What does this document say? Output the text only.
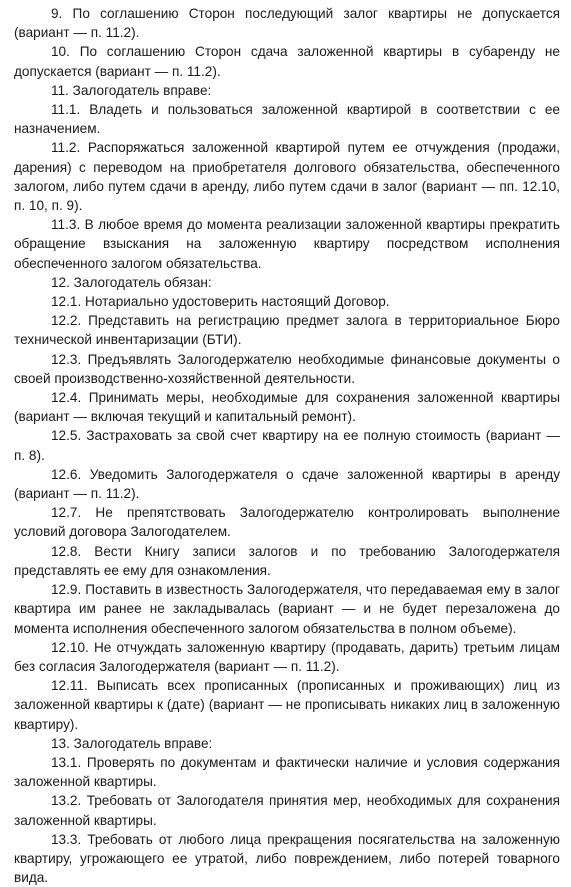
9. По соглашению Сторон последующий залог квартиры не допускается (вариант — п. 11.2).

10. По соглашению Сторон сдача заложенной квартиры в субаренду не допускается (вариант — п. 11.2).

11. Залогодатель вправе:

11.1. Владеть и пользоваться заложенной квартирой в соответствии с ее назначением.

11.2. Распоряжаться заложенной квартирой путем ее отчуждения (продажи, дарения) с переводом на приобретателя долгового обязательства, обеспеченного залогом, либо путем сдачи в аренду, либо путем сдачи в залог (вариант — пп. 12.10, п. 10, п. 9).

11.3. В любое время до момента реализации заложенной квартиры прекратить обращение взыскания на заложенную квартиру посредством исполнения обеспеченного залогом обязательства.

12. Залогодатель обязан:

12.1. Нотариально удостоверить настоящий Договор.

12.2. Представить на регистрацию предмет залога в территориальное Бюро технической инвентаризации (БТИ).

12.3. Предъявлять Залогодержателю необходимые финансовые документы о своей производственно-хозяйственной деятельности.

12.4. Принимать меры, необходимые для сохранения заложенной квартиры (вариант — включая текущий и капитальный ремонт).

12.5. Застраховать за свой счет квартиру на ее полную стоимость (вариант — п. 8).

12.6. Уведомить Залогодержателя о сдаче заложенной квартиры в аренду (вариант — п. 11.2).

12.7. Не препятствовать Залогодержателю контролировать выполнение условий договора Залогодателем.

12.8. Вести Книгу записи залогов и по требованию Залогодержателя представлять ее ему для ознакомления.

12.9. Поставить в известность Залогодержателя, что передаваемая ему в залог квартира им ранее не закладывалась (вариант — и не будет перезаложена до момента исполнения обеспеченного залогом обязательства в полном объеме).

12.10. Не отчуждать заложенную квартиру (продавать, дарить) третьим лицам без согласия Залогодержателя (вариант — п. 11.2).

12.11. Выписать всех прописанных (прописанных и проживающих) лиц из заложенной квартиры к (дате) (вариант — не прописывать никаких лиц в заложенную квартиру).

13. Залогодатель вправе:

13.1. Проверять по документам и фактически наличие и условия содержания заложенной квартиры.

13.2. Требовать от Залогодателя принятия мер, необходимых для сохранения заложенной квартиры.

13.3. Требовать от любого лица прекращения посягательства на заложенную квартиру, угрожающего ее утратой, либо повреждением, либо потерей товарного вида.
